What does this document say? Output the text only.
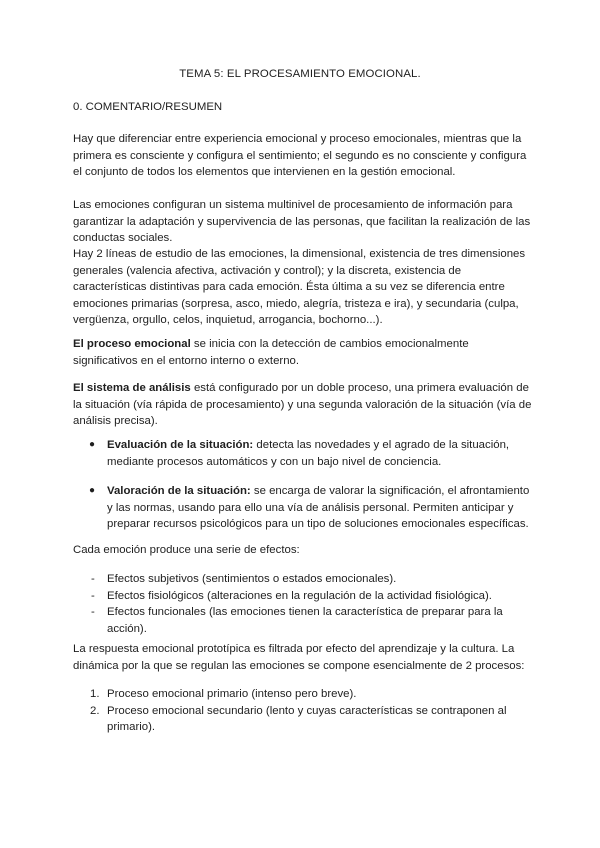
TEMA 5: EL PROCESAMIENTO EMOCIONAL.
0. COMENTARIO/RESUMEN

Hay que diferenciar entre experiencia emocional y proceso emocionales, mientras que la primera es consciente y configura el sentimiento; el segundo es no consciente y configura el conjunto de todos los elementos que intervienen en la gestión emocional.

Las emociones configuran un sistema multinivel de procesamiento de información para garantizar la adaptación y supervivencia de las personas, que facilitan la realización de las conductas sociales.

Hay 2 líneas de estudio de las emociones, la dimensional, existencia de tres dimensiones generales (valencia afectiva, activación y control); y la discreta, existencia de características distintivas para cada emoción. Ésta última a su vez se diferencia entre emociones primarias (sorpresa, asco, miedo, alegría, tristeza e ira), y secundaria (culpa, vergüenza, orgullo, celos, inquietud, arrogancia, bochorno...).

El proceso emocional se inicia con la detección de cambios emocionalmente significativos en el entorno interno o externo.

El sistema de análisis está configurado por un doble proceso, una primera evaluación de la situación (vía rápida de procesamiento) y una segunda valoración de la situación (vía de análisis precisa).

● Evaluación de la situación: detecta las novedades y el agrado de la situación, mediante procesos automáticos y con un bajo nivel de conciencia.
● Valoración de la situación: se encarga de valorar la significación, el afrontamiento y las normas, usando para ello una vía de análisis personal. Permiten anticipar y preparar recursos psicológicos para un tipo de soluciones emocionales específicas.

Cada emoción produce una serie de efectos:

- Efectos subjetivos (sentimientos o estados emocionales).
- Efectos fisiológicos (alteraciones en la regulación de la actividad fisiológica).
- Efectos funcionales (las emociones tienen la característica de preparar para la acción).

La respuesta emocional prototípica es filtrada por efecto del aprendizaje y la cultura. La dinámica por la que se regulan las emociones se compone esencialmente de 2 procesos:

1. Proceso emocional primario (intenso pero breve).
2. Proceso emocional secundario (lento y cuyas características se contraponen al primario).
